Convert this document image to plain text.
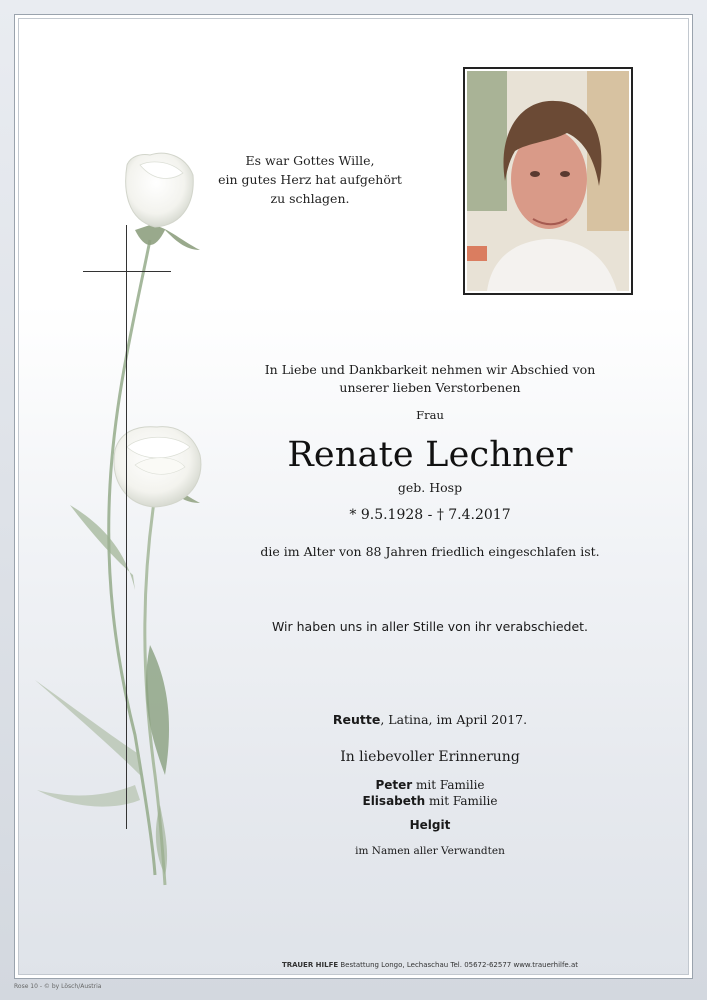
Es war Gottes Wille,
ein gutes Herz hat aufgehört
zu schlagen.
In Liebe und Dankbarkeit nehmen wir Abschied von
unserer lieben Verstorbenen
Frau
Renate Lechner
geb. Hosp
* 9.5.1928 - † 7.4.2017
die im Alter von 88 Jahren friedlich eingeschlafen ist.
Wir haben uns in aller Stille von ihr verabschiedet.
Reutte, Latina, im April 2017.
In liebevoller Erinnerung
Peter mit Familie
Elisabeth mit Familie
Helgit
im Namen aller Verwandten
TRAUER HILFE Bestattung Longo, Lechaschau Tel. 05672-62577 www.trauerhilfe.at
Rose 10 - © by Lösch/Austria
